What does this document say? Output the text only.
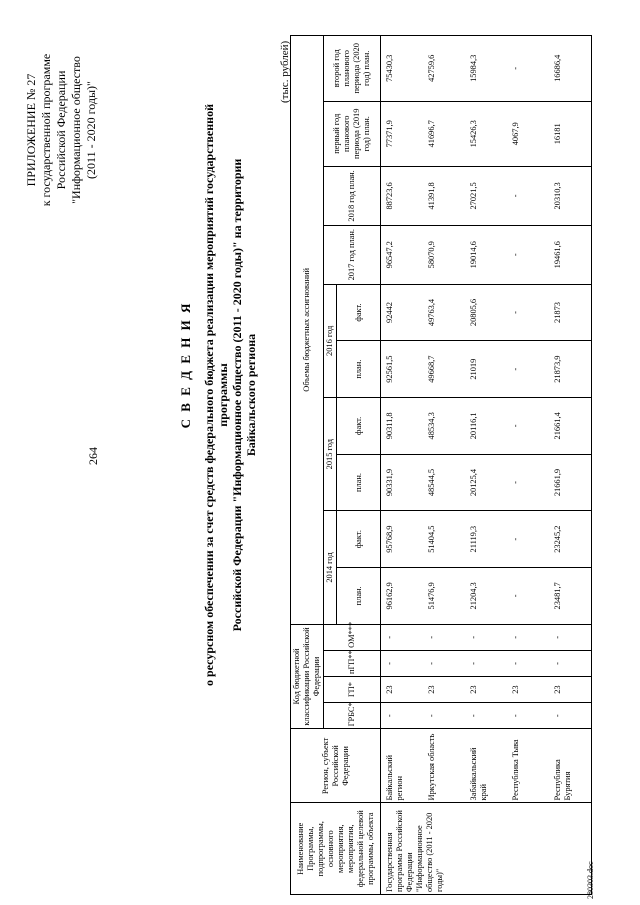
264
280303.doc
ПРИЛОЖЕНИЕ № 27 к государственной программе Российской Федерации "Информационное общество (2011 - 2020 годы)"
С В Е Д Е Н И Я о ресурсном обеспечении за счет средств федерального бюджета реализации мероприятий государственной программы Российской Федерации "Информационное общество (2011 - 2020 годы)" на территории Байкальского региона
(тыс. рублей)
Наименование Программы, подпрограммы, основного мероприятия, мероприятия, федеральной целевой программы, объекта	Регион, субъект Российской Федерации	Код бюджетной классификации Российской Федерации				Объемы бюджетных ассигнований									
		ГРБС*	ГП*	пГП**	ОМ***	2014 год		2015 год		2016 год		2017 год план.	2018 год план.	первый год планового периода (2019 год) план.	второй год планового периода (2020 год) план.
						план.	факт.	план.	факт.	план.	факт.				
Государственная программа Российской Федерации "Информационное общество (2011 - 2020 годы)"	Байкальский регион	-	23	-	-	96162,9	95768,9	90331,9	90311,8	92561,5	92442	96547,2	88723,6	77371,9	75430,3
	Иркутская область	-	23	-	-	51476,9	51404,5	48544,5	48534,3	49668,7	49763,4	58070,9	41391,8	41696,7	42759,6
	Забайкальский край	-	23	-	-	21204,3	21119,3	20125,4	20116,1	21019	20805,6	19014,6	27021,5	15426,3	15984,3
	Республика Тыва	-	23	-	-	-	-	-	-	-	-	-	-	4067,9	-
	Республика Бурятия	-	23	-	-	23481,7	23245,2	21661,9	21661,4	21873,9	21873	19461,6	20310,3	16181	16686,4
